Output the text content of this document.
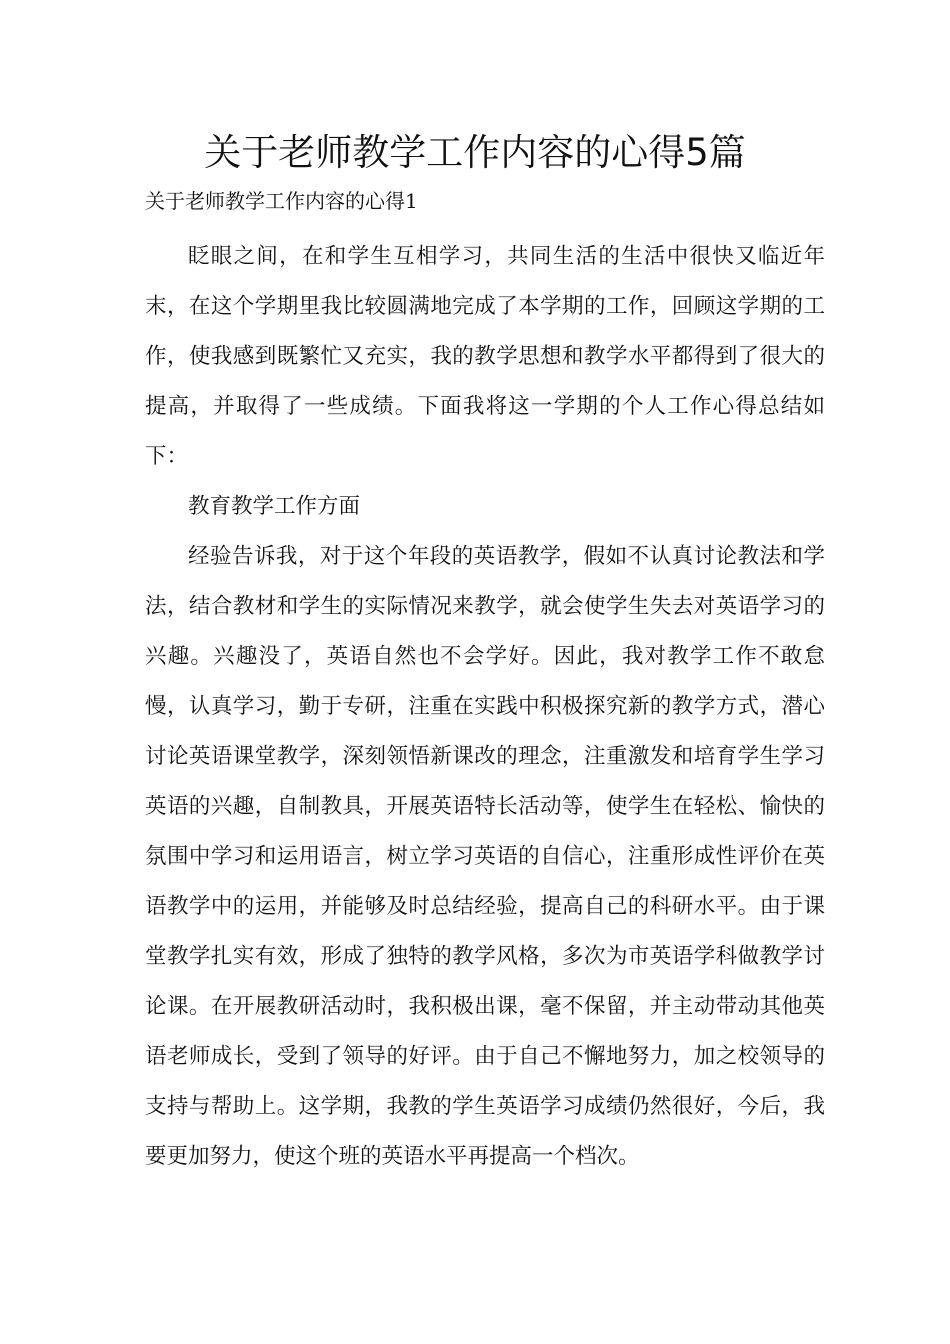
关于老师教学工作内容的心得5篇

关于老师教学工作内容的心得1

眨眼之间，在和学生互相学习，共同生活的生活中很快又临近年末，在这个学期里我比较圆满地完成了本学期的工作，回顾这学期的工作，使我感到既繁忙又充实，我的教学思想和教学水平都得到了很大的提高，并取得了一些成绩。下面我将这一学期的个人工作心得总结如下：

教育教学工作方面

经验告诉我，对于这个年段的英语教学，假如不认真讨论教法和学法，结合教材和学生的实际情况来教学，就会使学生失去对英语学习的兴趣。兴趣没了，英语自然也不会学好。因此，我对教学工作不敢怠慢，认真学习，勤于专研，注重在实践中积极探究新的教学方式，潜心讨论英语课堂教学，深刻领悟新课改的理念，注重激发和培育学生学习英语的兴趣，自制教具，开展英语特长活动等，使学生在轻松、愉快的氛围中学习和运用语言，树立学习英语的自信心，注重形成性评价在英语教学中的运用，并能够及时总结经验，提高自己的科研水平。由于课堂教学扎实有效，形成了独特的教学风格，多次为市英语学科做教学讨论课。在开展教研活动时，我积极出课，毫不保留，并主动带动其他英语老师成长，受到了领导的好评。由于自己不懈地努力，加之校领导的支持与帮助上。这学期，我教的学生英语学习成绩仍然很好，今后，我要更加努力，使这个班的英语水平再提高一个档次。
